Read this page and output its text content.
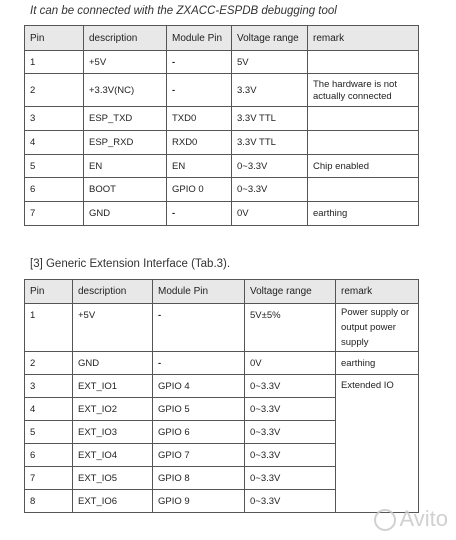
It can be connected with the ZXACC-ESPDB debugging tool
Pin	description	Module Pin	Voltage range	remark
1	+5V	-	5V	
2	+3.3V(NC)	-	3.3V	The hardware is not actually connected
3	ESP_TXD	TXD0	3.3V TTL	
4	ESP_RXD	RXD0	3.3V TTL	
5	EN	EN	0~3.3V	Chip enabled
6	BOOT	GPIO 0	0~3.3V	
7	GND	-	0V	earthing
[3] Generic Extension Interface (Tab.3).
Pin	description	Module Pin	Voltage range	remark
1	+5V	-	5V±5%	Power supply or output power supply
2	GND	-	0V	earthing
3	EXT_IO1	GPIO 4	0~3.3V	Extended IO
4	EXT_IO2	GPIO 5	0~3.3V	
5	EXT_IO3	GPIO 6	0~3.3V	
6	EXT_IO4	GPIO 7	0~3.3V	
7	EXT_IO5	GPIO 8	0~3.3V	
8	EXT_IO6	GPIO 9	0~3.3V	
Avito
